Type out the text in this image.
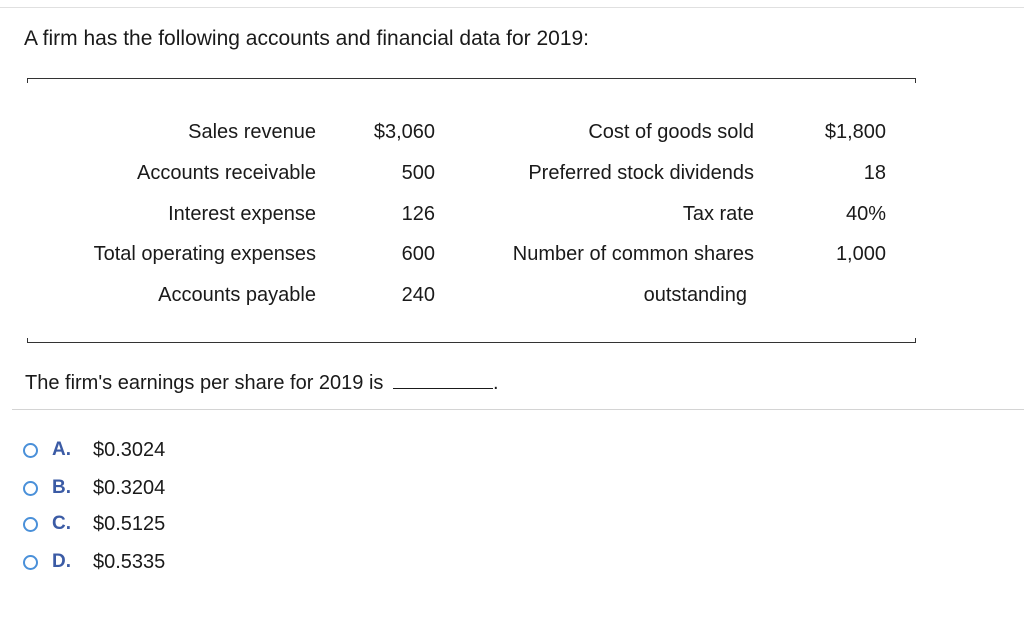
A firm has the following accounts and financial data for 2019:
Sales revenue	$3,060	Cost of goods sold	$1,800
Accounts receivable	500	Preferred stock dividends	18
Interest expense	126	Tax rate	40%
Total operating expenses	600	Number of common shares	1,000
Accounts payable	240	outstanding
The firm's earnings per share for 2019 is	.
A.	$0.3024
B.	$0.3204
C.	$0.5125
D.	$0.5335
